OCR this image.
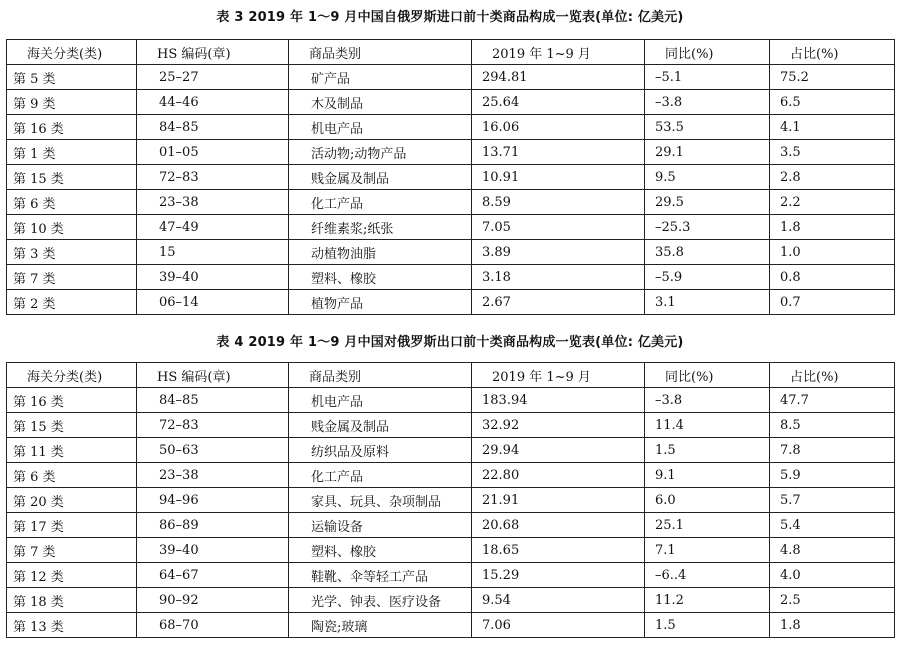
表 3 2019 年 1～9 月中国自俄罗斯进口前十类商品构成一览表(单位: 亿美元)
海关分类(类)	HS 编码(章)	商品类别	2019 年 1~9 月	同比(%)	占比(%)
第 5 类	25–27	矿产品	294.81	–5.1	75.2
第 9 类	44–46	木及制品	25.64	–3.8	6.5
第 16 类	84–85	机电产品	16.06	53.5	4.1
第 1 类	01–05	活动物;动物产品	13.71	29.1	3.5
第 15 类	72–83	贱金属及制品	10.91	9.5	2.8
第 6 类	23–38	化工产品	8.59	29.5	2.2
第 10 类	47–49	纤维素浆;纸张	7.05	–25.3	1.8
第 3 类	15	动植物油脂	3.89	35.8	1.0
第 7 类	39–40	塑料、橡胶	3.18	–5.9	0.8
第 2 类	06–14	植物产品	2.67	3.1	0.7
表 4 2019 年 1～9 月中国对俄罗斯出口前十类商品构成一览表(单位: 亿美元)
海关分类(类)	HS 编码(章)	商品类别	2019 年 1~9 月	同比(%)	占比(%)
第 16 类	84–85	机电产品	183.94	–3.8	47.7
第 15 类	72–83	贱金属及制品	32.92	11.4	8.5
第 11 类	50–63	纺织品及原料	29.94	1.5	7.8
第 6 类	23–38	化工产品	22.80	9.1	5.9
第 20 类	94–96	家具、玩具、杂项制品	21.91	6.0	5.7
第 17 类	86–89	运输设备	20.68	25.1	5.4
第 7 类	39–40	塑料、橡胶	18.65	7.1	4.8
第 12 类	64–67	鞋靴、伞等轻工产品	15.29	–6..4	4.0
第 18 类	90–92	光学、钟表、医疗设备	9.54	11.2	2.5
第 13 类	68–70	陶瓷;玻璃	7.06	1.5	1.8
